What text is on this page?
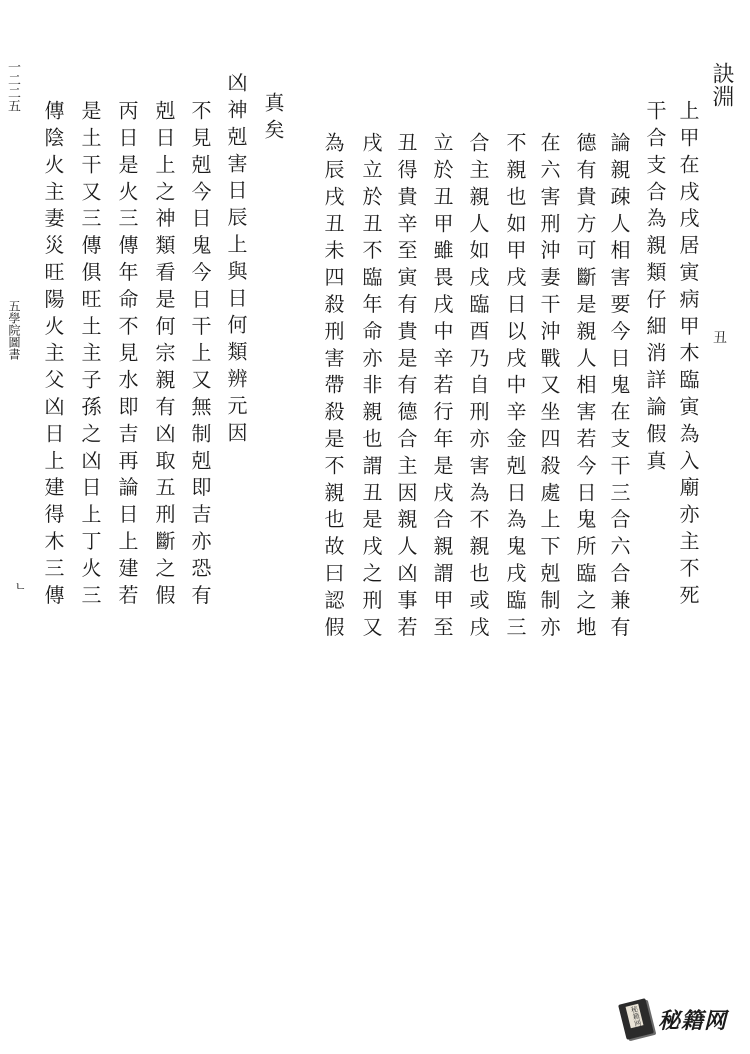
訣淵
丑
上甲在戌戌居寅病甲木臨寅為入廟亦主不死
干合支合為親類仔細消詳論假真
論親疎人相害要今日鬼在支干三合六合兼有
德有貴方可斷是親人相害若今日鬼所臨之地
在六害刑沖妻干沖戰又坐四殺處上下剋制亦
不親也如甲戌日以戌中辛金剋日為鬼戌臨三
合主親人如戌臨酉乃自刑亦害為不親也或戌
立於丑甲雖畏戌中辛若行年是戌合親謂甲至
丑得貴辛至寅有貴是有德合主因親人凶事若
戌立於丑不臨年命亦非親也謂丑是戌之刑又
為辰戌丑未四殺刑害帶殺是不親也故曰認假
真矣
凶神剋害日辰上與日何類辨元因
不見剋今日鬼今日干上又無制剋即吉亦恐有
剋日上之神類看是何宗親有凶取五刑斷之假
丙日是火三傳年命不見水即吉再論日上建若
是土干又三傳俱旺土主子孫之凶日上丁火三
傳陰火主妻災旺陽火主父凶日上建得木三傳
一二二五
五學院圖書
ㄴ
秘籍网 秘籍网
